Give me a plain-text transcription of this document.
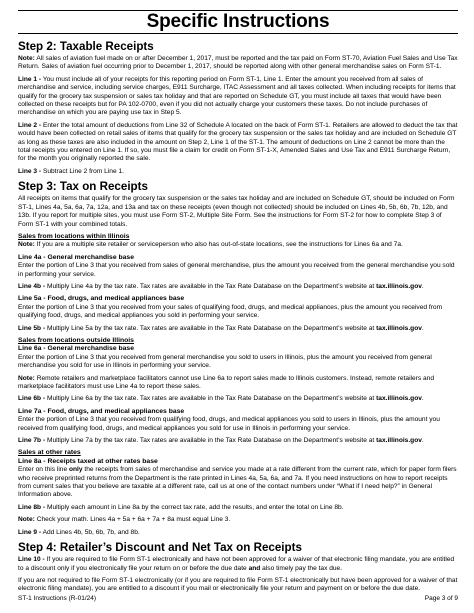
Specific Instructions
Step 2: Taxable Receipts

Note: All sales of aviation fuel made on or after December 1, 2017, must be reported and the tax paid on Form ST-70, Aviation Fuel Sales and Use Tax Return. Sales of aviation fuel occurring prior to December 1, 2017, should be reported along with other general merchandise sales on Form ST-1.

Line 1 - You must include all of your receipts for this reporting period on Form ST-1, Line 1. Enter the amount you received from all sales of merchandise and service, including service charges, E911 Surcharge, ITAC Assessment and all taxes collected. When including receipts for items that qualify for the grocery tax suspension or sales tax holiday and that are reported on Schedule GT, you must include all taxes that would have been collected on these receipts but for PA 102-0700, even if you did not actually charge your customers these taxes. Do not include purchases of merchandise on which you are paying use tax in Step 5.

Line 2 - Enter the total amount of deductions from Line 32 of Schedule A located on the back of Form ST-1. Retailers are allowed to deduct the tax that would have been collected on retail sales of items that qualify for the grocery tax suspension or the sales tax holiday and are included on Schedule GT as long as these taxes are also included in the amount on Step 2, Line 1 of the ST-1. The amount of deductions on Line 2 cannot be more than the total receipts you entered on Line 1. If so, you must file a claim for credit on Form ST-1-X, Amended Sales and Use Tax and E911 Surcharge Return, for the month you originally reported the sale.

Line 3 - Subtract Line 2 from Line 1.

Step 3: Tax on Receipts

All receipts on items that qualify for the grocery tax suspension or the sales tax holiday and are included on Schedule GT, should be included on Form ST-1, Lines 4a, 5a, 6a, 7a, 12a, and 13a and tax on these receipts (even though not collected) should be included on Lines 4b, 5b, 6b, 7b, 12b, and 13b. If you report for multiple sites, you must use Form ST-2, Multiple Site Form. See the instructions for Form ST-2 for how to complete Step 3 of Form ST-1 with your combined totals.

Sales from locations within Illinois

Note: If you are a multiple site retailer or serviceperson who also has out-of-state locations, see the instructions for Lines 6a and 7a.

Line 4a - General merchandise base

Enter the portion of Line 3 that you received from sales of general merchandise, plus the amount you received from the general merchandise you sold in performing your service.

Line 4b - Multiply Line 4a by the tax rate. Tax rates are available in the Tax Rate Database on the Department’s website at tax.illinois.gov.

Line 5a - Food, drugs, and medical appliances base

Enter the portion of Line 3 that you received from your sales of qualifying food, drugs, and medical appliances, plus the amount you received from qualifying food, drugs, and medical appliances you sold in performing your service.

Line 5b - Multiply Line 5a by the tax rate. Tax rates are available in the Tax Rate Database on the Department’s website at tax.illinois.gov.

Sales from locations outside Illinois
Line 6a - General merchandise base

Enter the portion of Line 3 that you received from general merchandise you sold to users in Illinois, plus the amount you received from general merchandise you sold for use in Illinois in performing your service.

Note: Remote retailers and marketplace facilitators cannot use Line 6a to report sales made to Illinois customers. Instead, remote retailers and marketplace facilitators must use Line 4a to report these sales.

Line 6b - Multiply Line 6a by the tax rate. Tax rates are available in the Tax Rate Database on the Department’s website at tax.illinois.gov.

Line 7a - Food, drugs, and medical appliances base

Enter the portion of Line 3 that you received from qualifying food, drugs, and medical appliances you sold to users in Illinois, plus the amount you received from qualifying food, drugs, and medical appliances you sold for use in Illinois in performing your service.

Line 7b - Multiply Line 7a by the tax rate. Tax rates are available in the Tax Rate Database on the Department’s website at tax.illinois.gov.

Sales at other rates
Line 8a - Receipts taxed at other rates base

Enter on this line only the receipts from sales of merchandise and service you made at a rate different from the current rate, which for paper form filers who receive preprinted returns from the Department is the rate printed in Lines 4a, 5a, 6a, and 7a. If you need instructions on how to report receipts from current sales that you believe are taxable at a different rate, call us at one of the contact numbers under “What if I need help?” in General Information above.

Line 8b - Multiply each amount in Line 8a by the correct tax rate, add the results, and enter the total on Line 8b.

Note: Check your math. Lines 4a + 5a + 6a + 7a + 8a must equal Line 3.

Line 9 - Add Lines 4b, 5b, 6b, 7b, and 8b.

Step 4: Retailer’s Discount and Net Tax on Receipts

Line 10 - If you are required to file Form ST-1 electronically and have not been approved for a waiver of that electronic filing mandate, you are entitled to a discount only if you electronically file your return on or before the due date and also timely pay the tax due.

If you are not required to file Form ST-1 electronically (or if you are required to file Form ST-1 electronically but have been approved for a waiver of that electronic filing mandate), you are entitled to a discount if you mail or electronically file your return and payment on or before the due date.

ST-1 Instructions (R-01/24)	Page 3 of 9
